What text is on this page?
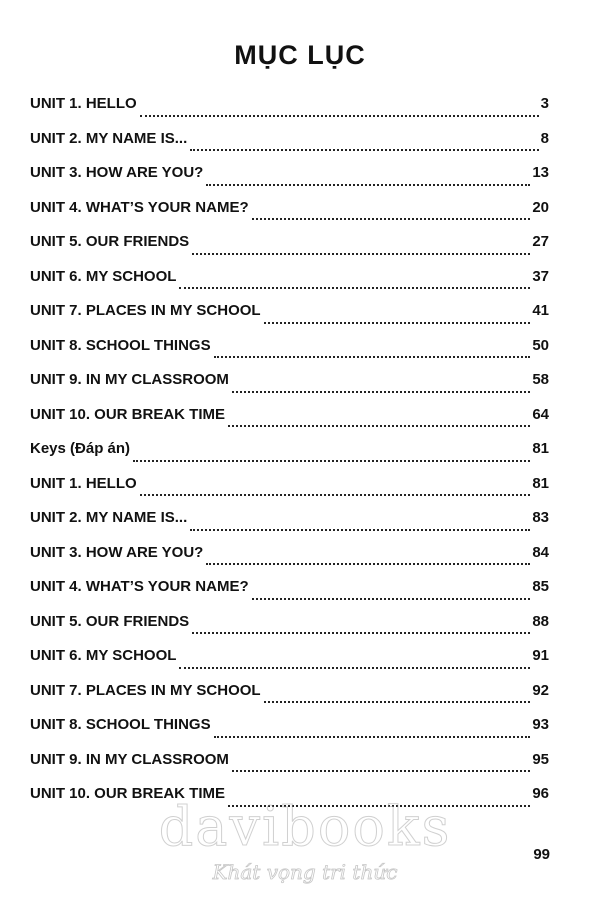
MỤC LỤC
UNIT 1. HELLO	3
UNIT 2. MY NAME IS...	8
UNIT 3. HOW ARE YOU?	13
UNIT 4. WHAT’S YOUR NAME?	20
UNIT 5. OUR FRIENDS	27
UNIT 6. MY SCHOOL	37
UNIT 7. PLACES IN MY SCHOOL	41
UNIT 8. SCHOOL THINGS	50
UNIT 9. IN MY CLASSROOM	58
UNIT 10. OUR BREAK TIME	64
Keys (Đáp án)	81
UNIT 1. HELLO	81
UNIT 2. MY NAME IS...	83
UNIT 3. HOW ARE YOU?	84
UNIT 4. WHAT’S YOUR NAME?	85
UNIT 5. OUR FRIENDS	88
UNIT 6. MY SCHOOL	91
UNIT 7. PLACES IN MY SCHOOL	92
UNIT 8. SCHOOL THINGS	93
UNIT 9. IN MY CLASSROOM	95
UNIT 10. OUR BREAK TIME	96
davibooks
Khát vọng tri thức
99
